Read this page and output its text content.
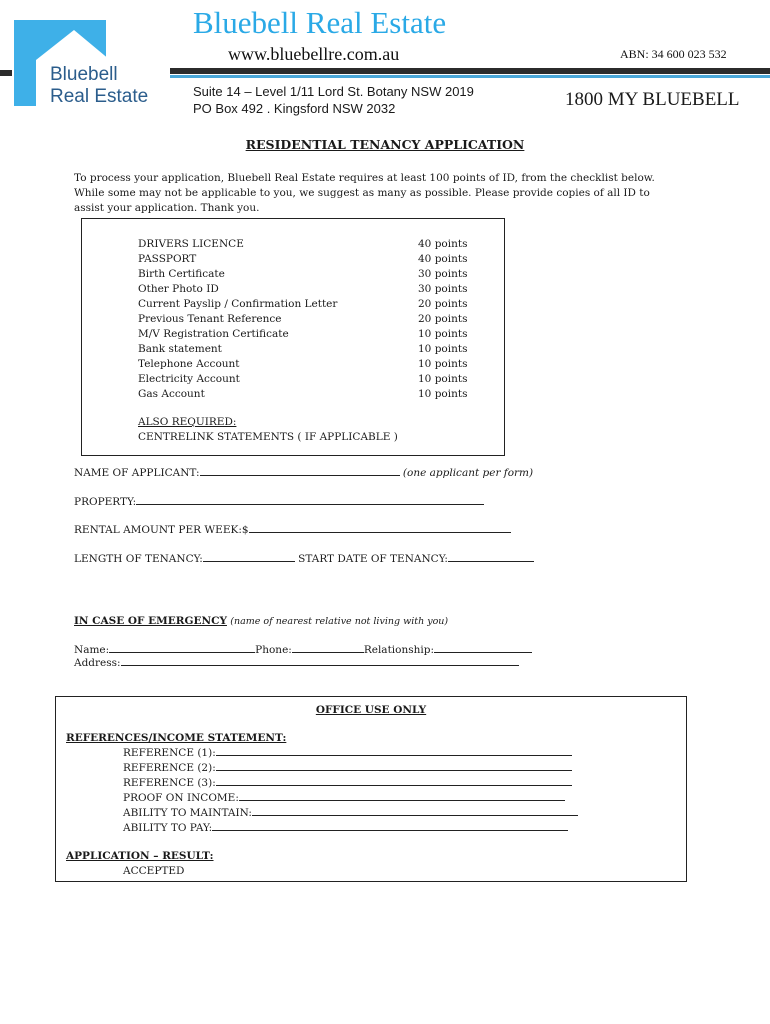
Bluebell
Real Estate
Bluebell Real Estate
www.bluebellre.com.au	ABN: 34 600 023 532
Suite 14 – Level 1/11 Lord St. Botany NSW 2019
PO Box 492 . Kingsford NSW 2032	1800 MY BLUEBELL
RESIDENTIAL TENANCY APPLICATION
To process your application, Bluebell Real Estate requires at least 100 points of ID, from the checklist below.
While some may not be applicable to you, we suggest as many as possible. Please provide copies of all ID to
assist your application. Thank you.
DRIVERS LICENCE	40 points
PASSPORT	40 points
Birth Certificate	30 points
Other Photo ID	30 points
Current Payslip / Confirmation Letter	20 points
Previous Tenant Reference	20 points
M/V Registration Certificate	10 points
Bank statement	10 points
Telephone Account	10 points
Electricity Account	10 points
Gas Account	10 points
ALSO REQUIRED:
CENTRELINK STATEMENTS ( IF APPLICABLE )
NAME OF APPLICANT:	(one applicant per form)
PROPERTY:
RENTAL AMOUNT PER WEEK:$
LENGTH OF TENANCY:	START DATE OF TENANCY:
IN CASE OF EMERGENCY (name of nearest relative not living with you)
Name:	Phone:	Relationship:
Address:
OFFICE USE ONLY
REFERENCES/INCOME STATEMENT:
REFERENCE (1):
REFERENCE (2):
REFERENCE (3):
PROOF ON INCOME:
ABILITY TO MAINTAIN:
ABILITY TO PAY:
APPLICATION – RESULT:
ACCEPTED
